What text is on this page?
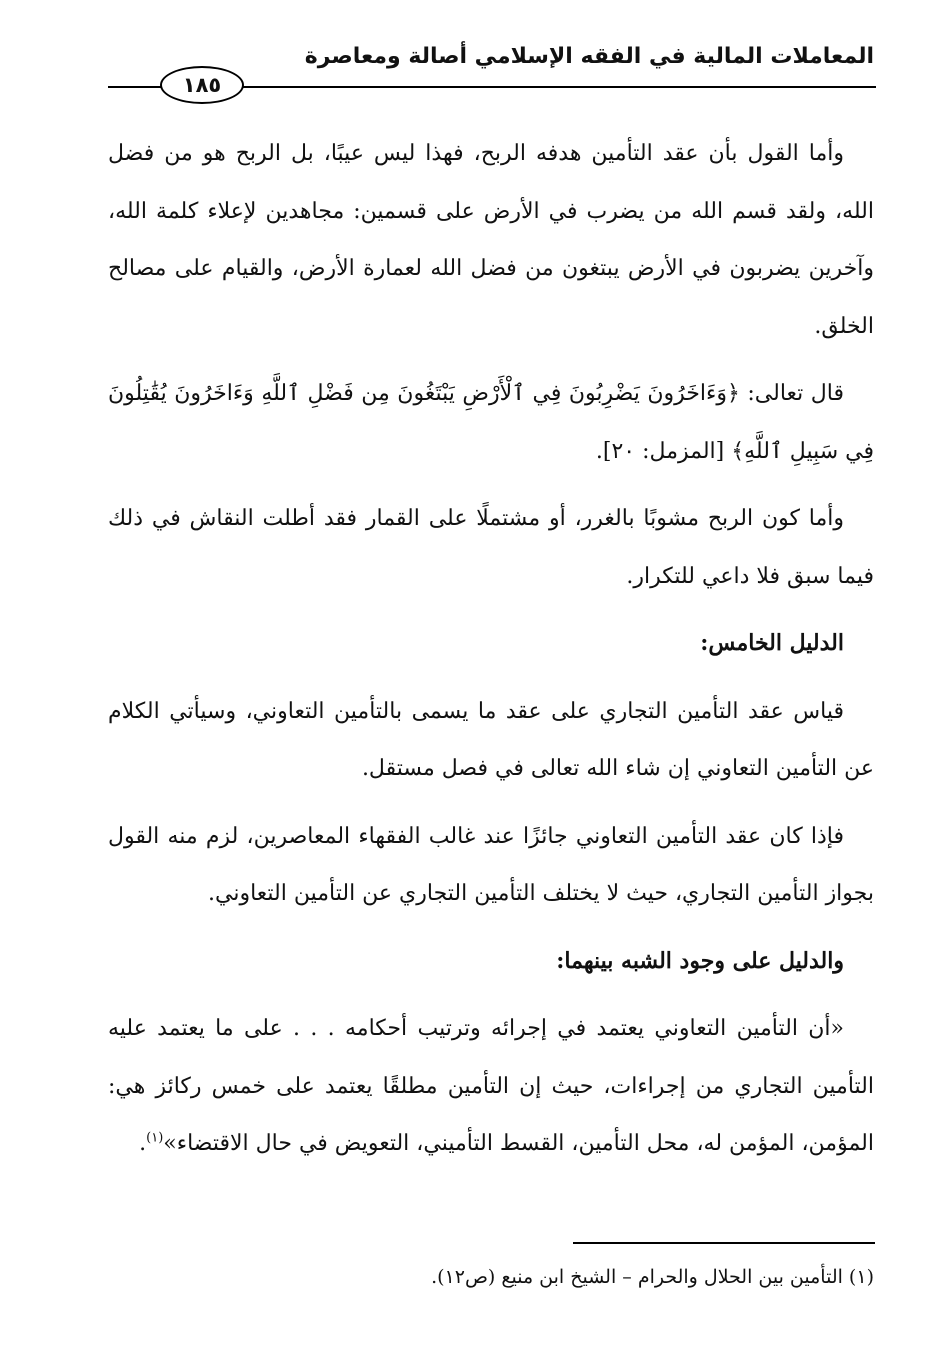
المعاملات المالية في الفقه الإسلامي أصالة ومعاصرة
١٨٥

وأما القول بأن عقد التأمين هدفه الربح، فهذا ليس عيبًا، بل الربح هو من فضل الله، ولقد قسم الله من يضرب في الأرض على قسمين: مجاهدين لإعلاء كلمة الله، وآخرين يضربون في الأرض يبتغون من فضل الله لعمارة الأرض، والقيام على مصالح الخلق.

قال تعالى: ﴿وَءَاخَرُونَ يَضْرِبُونَ فِي ٱلْأَرْضِ يَبْتَغُونَ مِن فَضْلِ ٱللَّهِ وَءَاخَرُونَ يُقَٰتِلُونَ فِي سَبِيلِ ٱللَّهِ﴾ [المزمل: ٢٠].

وأما كون الربح مشوبًا بالغرر، أو مشتملًا على القمار فقد أطلت النقاش في ذلك فيما سبق فلا داعي للتكرار.

الدليل الخامس:

قياس عقد التأمين التجاري على عقد ما يسمى بالتأمين التعاوني، وسيأتي الكلام عن التأمين التعاوني إن شاء الله تعالى في فصل مستقل.

فإذا كان عقد التأمين التعاوني جائزًا عند غالب الفقهاء المعاصرين، لزم منه القول بجواز التأمين التجاري، حيث لا يختلف التأمين التجاري عن التأمين التعاوني.

والدليل على وجود الشبه بينهما:

«أن التأمين التعاوني يعتمد في إجرائه وترتيب أحكامه . . . على ما يعتمد عليه التأمين التجاري من إجراءات، حيث إن التأمين مطلقًا يعتمد على خمس ركائز هي: المؤمن، المؤمن له، محل التأمين، القسط التأميني، التعويض في حال الاقتضاء»$^{(١)}$.

(١) التأمين بين الحلال والحرام – الشيخ ابن منيع (ص١٢).
